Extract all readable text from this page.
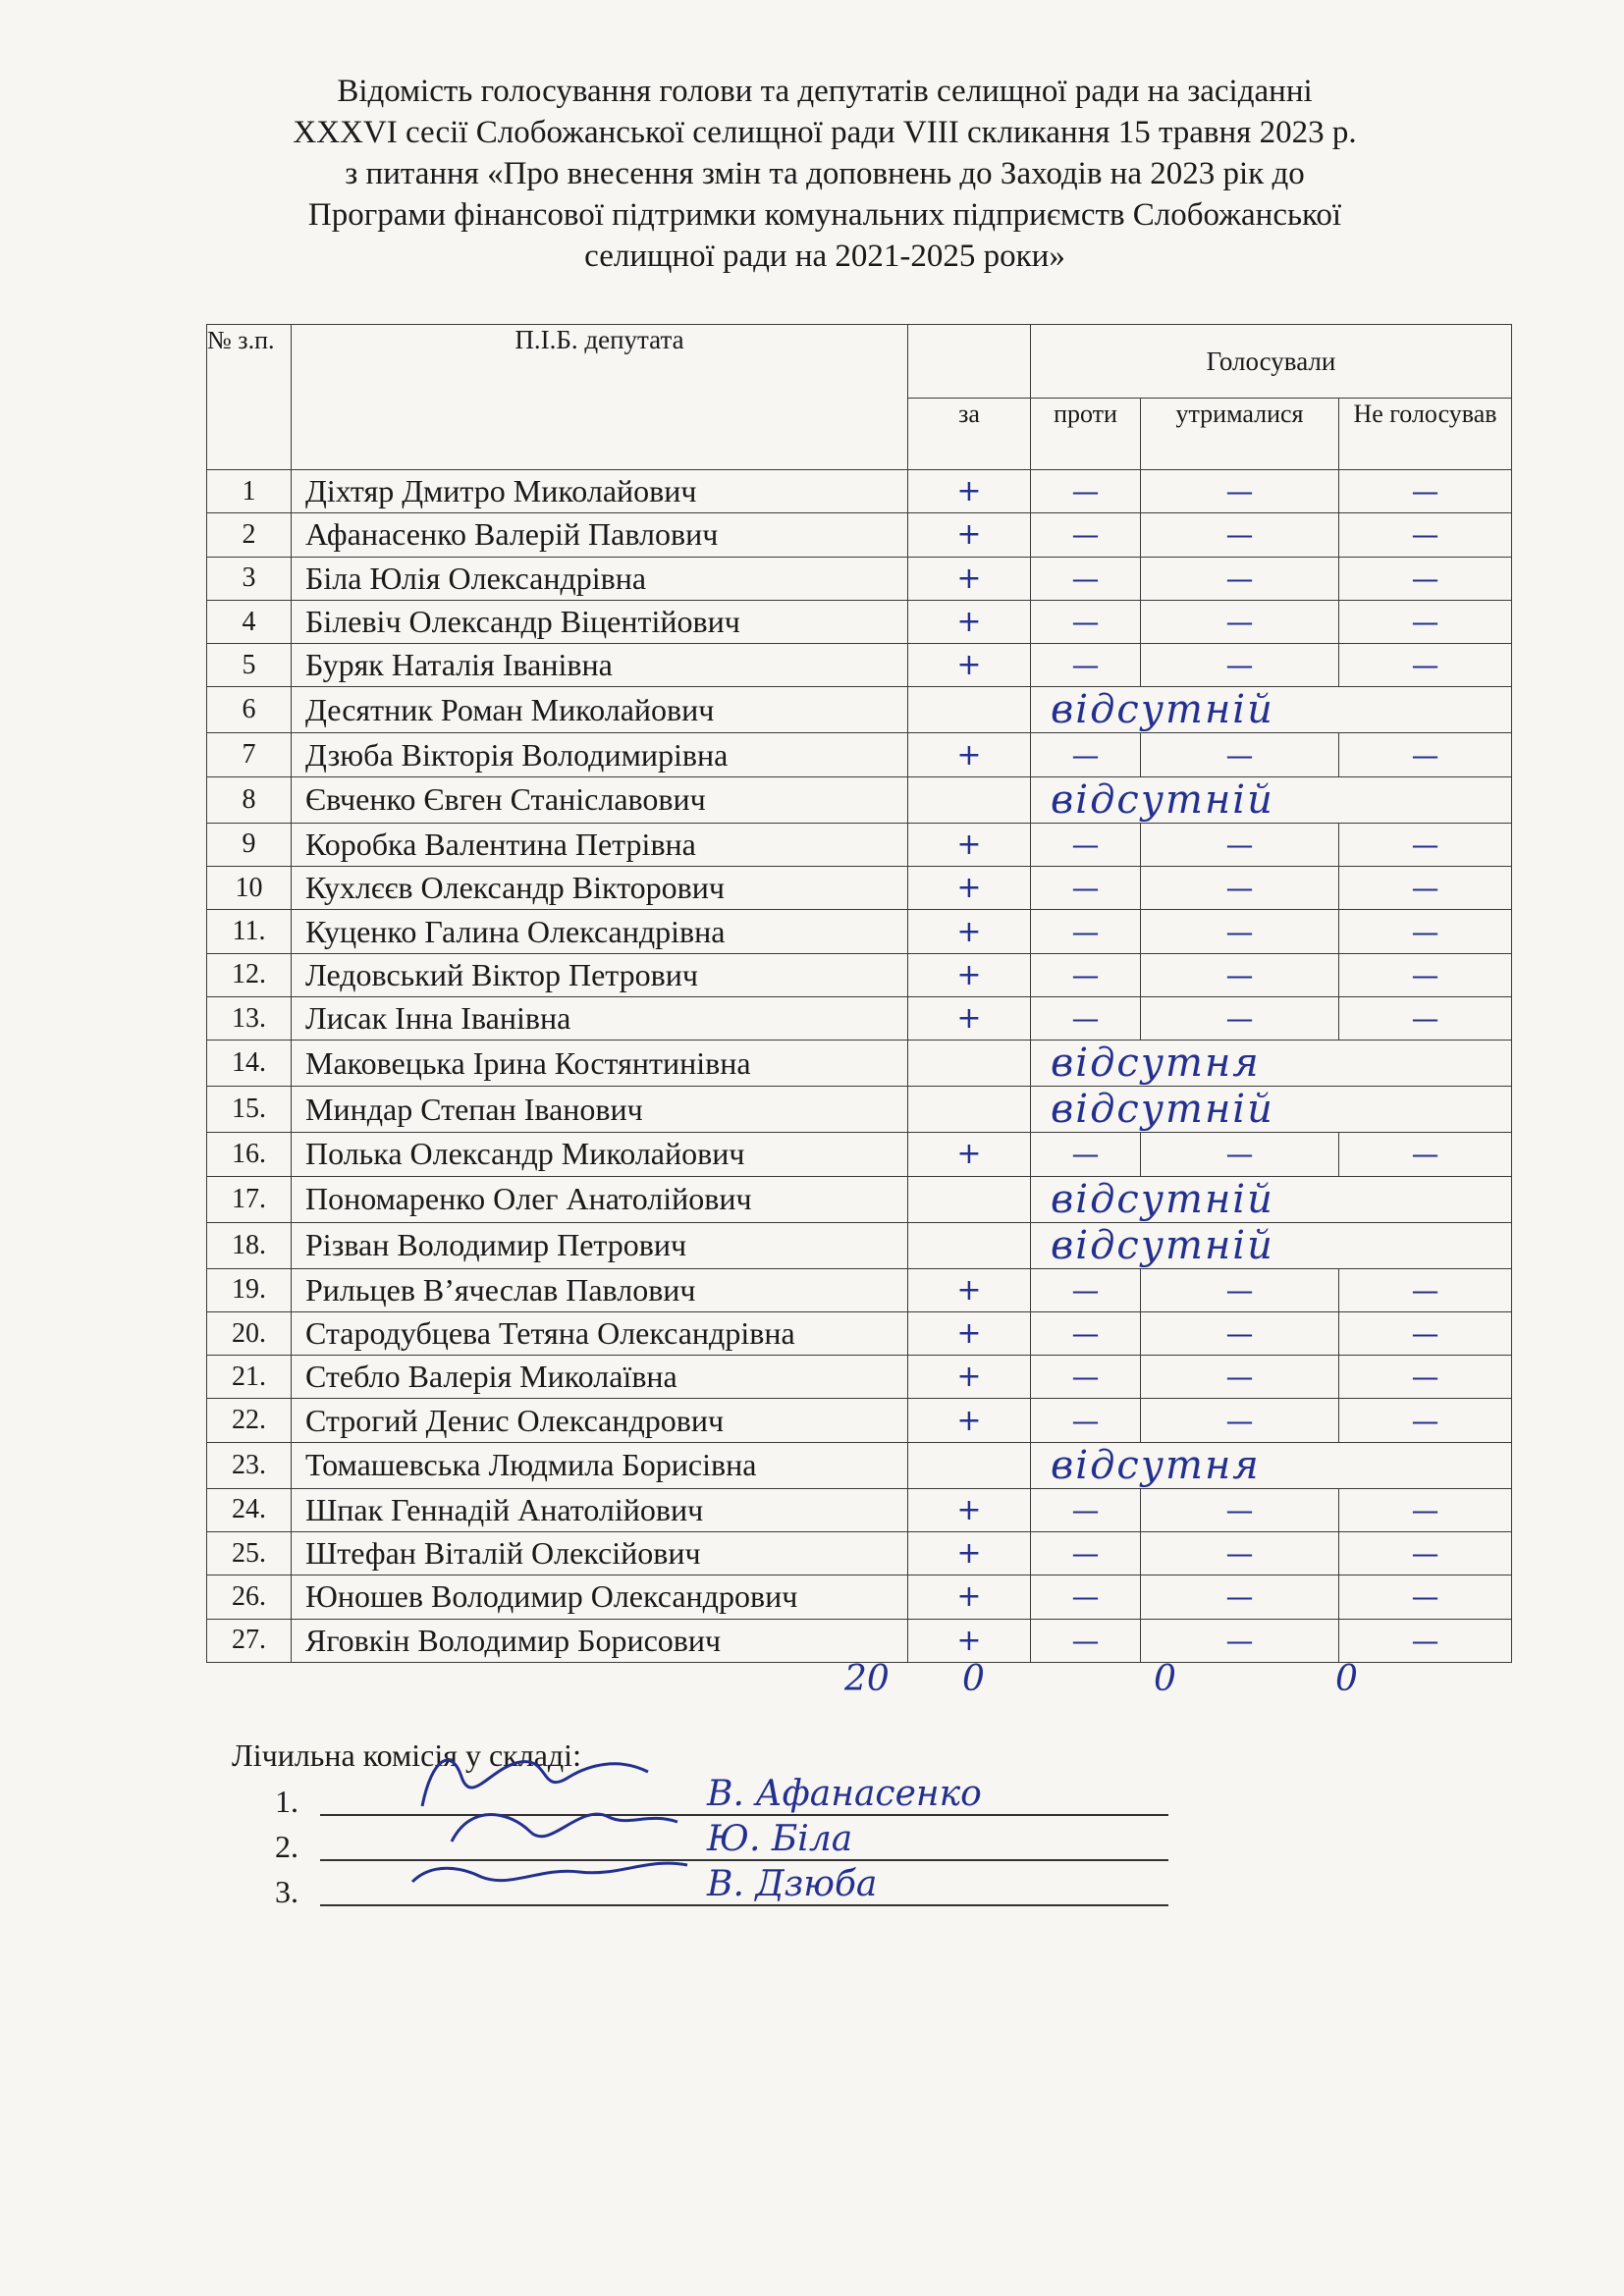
Відомість голосування голови та депутатів селищної ради на засіданні
XXXVI сесії Слобожанської селищної ради VIII скликання 15 травня 2023 р.
з питання «Про внесення змін та доповнень до Заходів на 2023 рік до
Програми фінансової підтримки комунальних підприємств Слобожанської
селищної ради на 2021-2025 роки»
№ з.п.	П.І.Б. депутата		Голосували		
		за	проти	утрималися	Не голосував
1	Діхтяр Дмитро Миколайович	+	—	—	—
2	Афанасенко Валерій Павлович	+	—	—	—
3	Біла Юлія Олександрівна	+	—	—	—
4	Білевіч Олександр Віцентійович	+	—	—	—
5	Буряк Наталія Іванівна	+	—	—	—
6	Десятник Роман Миколайович		відсутній		
7	Дзюба Вікторія Володимирівна	+	—	—	—
8	Євченко Євген Станіславович		відсутній		
9	Коробка Валентина Петрівна	+	—	—	—
10	Кухлєєв Олександр Вікторович	+	—	—	—
11.	Куценко Галина Олександрівна	+	—	—	—
12.	Ледовський Віктор Петрович	+	—	—	—
13.	Лисак Інна Іванівна	+	—	—	—
14.	Маковецька Ірина Костянтинівна		відсутня		
15.	Миндар Степан Іванович		відсутній		
16.	Полька Олександр Миколайович	+	—	—	—
17.	Пономаренко Олег Анатолійович		відсутній		
18.	Різван Володимир Петрович		відсутній		
19.	Рильцев В’ячеслав Павлович	+	—	—	—
20.	Стародубцева Тетяна Олександрівна	+	—	—	—
21.	Стебло Валерія Миколаївна	+	—	—	—
22.	Строгий Денис Олександрович	+	—	—	—
23.	Томашевська Людмила Борисівна		відсутня		
24.	Шпак Геннадій Анатолійович	+	—	—	—
25.	Штефан Віталій Олексійович	+	—	—	—
26.	Юношев Володимир Олександрович	+	—	—	—
27.	Яговкін Володимир Борисович	+	—	—	—
20 0	0	0
Лічильна комісія у складі:
1.	В. Афанасенко
2.	Ю. Біла
3.	В. Дзюба
